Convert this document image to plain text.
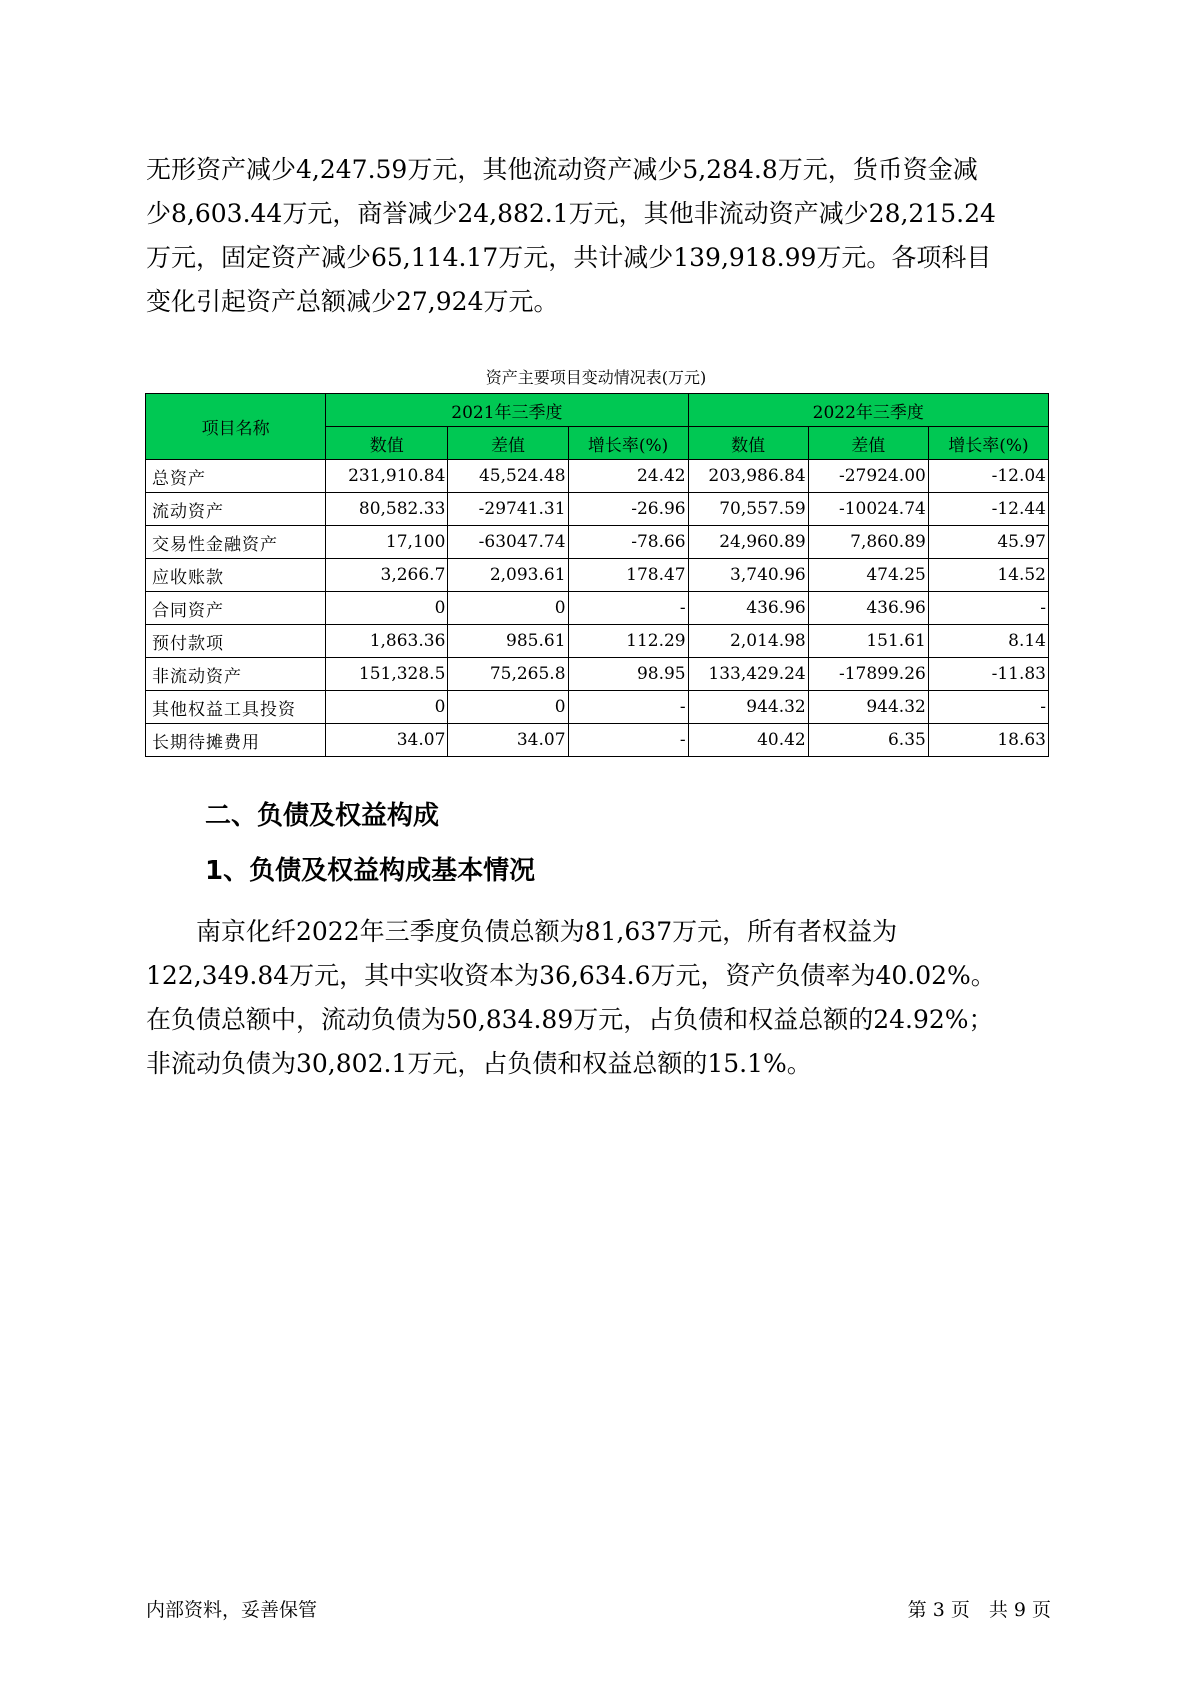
无形资产减少4,247.59万元，其他流动资产减少5,284.8万元，货币资金减
少8,603.44万元，商誉减少24,882.1万元，其他非流动资产减少28,215.24
万元，固定资产减少65,114.17万元，共计减少139,918.99万元。各项科目
变化引起资产总额减少27,924万元。
资产主要项目变动情况表(万元)
项目名称	2021年三季度			2022年三季度		
	数值	差值	增长率(%)	数值	差值	增长率(%)
总资产	231,910.84	45,524.48	24.42	203,986.84	-27924.00	-12.04
流动资产	80,582.33	-29741.31	-26.96	70,557.59	-10024.74	-12.44
交易性金融资产	17,100	-63047.74	-78.66	24,960.89	7,860.89	45.97
应收账款	3,266.7	2,093.61	178.47	3,740.96	474.25	14.52
合同资产	0	0	-	436.96	436.96	-
预付款项	1,863.36	985.61	112.29	2,014.98	151.61	8.14
非流动资产	151,328.5	75,265.8	98.95	133,429.24	-17899.26	-11.83
其他权益工具投资	0	0	-	944.32	944.32	-
长期待摊费用	34.07	34.07	-	40.42	6.35	18.63
二、负债及权益构成
1、负债及权益构成基本情况
　　南京化纤2022年三季度负债总额为81,637万元，所有者权益为
122,349.84万元，其中实收资本为36,634.6万元，资产负债率为40.02%。
在负债总额中，流动负债为50,834.89万元，占负债和权益总额的24.92%；
非流动负债为30,802.1万元，占负债和权益总额的15.1%。
内部资料，妥善保管	第 3 页　共 9 页
